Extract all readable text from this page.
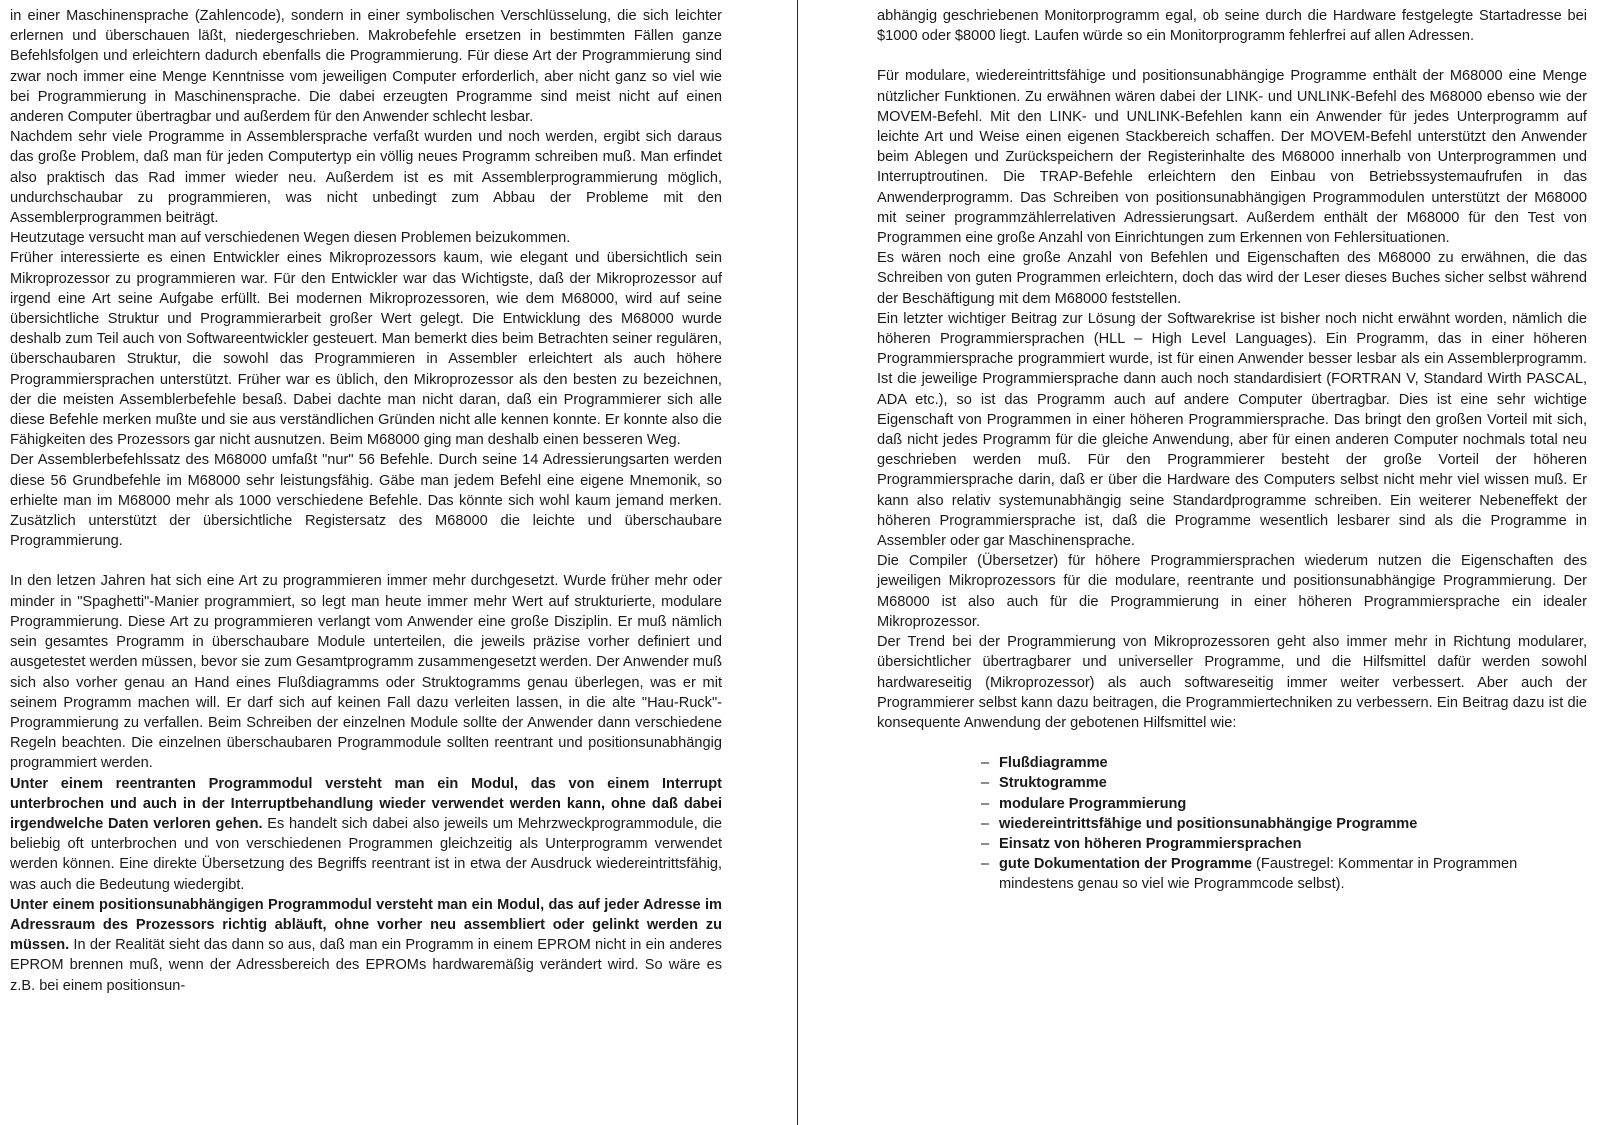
in einer Maschinensprache (Zahlencode), sondern in einer symbolischen Verschlüsselung, die sich leichter erlernen und überschauen läßt, niedergeschrieben. Makrobefehle ersetzen in bestimmten Fällen ganze Befehlsfolgen und erleichtern dadurch ebenfalls die Programmierung. Für diese Art der Programmierung sind zwar noch immer eine Menge Kenntnisse vom jeweiligen Computer erforderlich, aber nicht ganz so viel wie bei Programmierung in Maschinensprache. Die dabei erzeugten Programme sind meist nicht auf einen anderen Computer übertragbar und außerdem für den Anwender schlecht lesbar.

Nachdem sehr viele Programme in Assemblersprache verfaßt wurden und noch werden, ergibt sich daraus das große Problem, daß man für jeden Computertyp ein völlig neues Programm schreiben muß. Man erfindet also praktisch das Rad immer wieder neu. Außerdem ist es mit Assemblerprogrammierung möglich, undurchschaubar zu programmieren, was nicht unbedingt zum Abbau der Probleme mit den Assemblerprogrammen beiträgt.

Heutzutage versucht man auf verschiedenen Wegen diesen Problemen beizukommen.

Früher interessierte es einen Entwickler eines Mikroprozessors kaum, wie elegant und übersichtlich sein Mikroprozessor zu programmieren war. Für den Entwickler war das Wichtigste, daß der Mikroprozessor auf irgend eine Art seine Aufgabe erfüllt. Bei modernen Mikroprozessoren, wie dem M68000, wird auf seine übersichtliche Struktur und Programmierarbeit großer Wert gelegt. Die Entwicklung des M68000 wurde deshalb zum Teil auch von Softwareentwickler gesteuert. Man bemerkt dies beim Betrachten seiner regulären, überschaubaren Struktur, die sowohl das Programmieren in Assembler erleichtert als auch höhere Programmiersprachen unterstützt. Früher war es üblich, den Mikroprozessor als den besten zu bezeichnen, der die meisten Assemblerbefehle besaß. Dabei dachte man nicht daran, daß ein Programmierer sich alle diese Befehle merken mußte und sie aus verständlichen Gründen nicht alle kennen konnte. Er konnte also die Fähigkeiten des Prozessors gar nicht ausnutzen. Beim M68000 ging man deshalb einen besseren Weg.

Der Assemblerbefehlssatz des M68000 umfaßt "nur" 56 Befehle. Durch seine 14 Adressierungsarten werden diese 56 Grundbefehle im M68000 sehr leistungsfähig. Gäbe man jedem Befehl eine eigene Mnemonik, so erhielte man im M68000 mehr als 1000 verschiedene Befehle. Das könnte sich wohl kaum jemand merken. Zusätzlich unterstützt der übersichtliche Registersatz des M68000 die leichte und überschaubare Programmierung.

In den letzen Jahren hat sich eine Art zu programmieren immer mehr durchgesetzt. Wurde früher mehr oder minder in "Spaghetti"-Manier programmiert, so legt man heute immer mehr Wert auf strukturierte, modulare Programmierung. Diese Art zu programmieren verlangt vom Anwender eine große Disziplin. Er muß nämlich sein gesamtes Programm in überschaubare Module unterteilen, die jeweils präzise vorher definiert und ausgetestet werden müssen, bevor sie zum Gesamtprogramm zusammengesetzt werden. Der Anwender muß sich also vorher genau an Hand eines Flußdiagramms oder Struktogramms genau überlegen, was er mit seinem Programm machen will. Er darf sich auf keinen Fall dazu verleiten lassen, in die alte "Hau-Ruck"-Programmierung zu verfallen. Beim Schreiben der einzelnen Module sollte der Anwender dann verschiedene Regeln beachten. Die einzelnen überschaubaren Programmodule sollten reentrant und positionsunabhängig programmiert werden.

Unter einem reentranten Programmodul versteht man ein Modul, das von einem Interrupt unterbrochen und auch in der Interruptbehandlung wieder verwendet werden kann, ohne daß dabei irgendwelche Daten verloren gehen. Es handelt sich dabei also jeweils um Mehrzweckprogrammodule, die beliebig oft unterbrochen und von verschiedenen Programmen gleichzeitig als Unterprogramm verwendet werden können. Eine direkte Übersetzung des Begriffs reentrant ist in etwa der Ausdruck wiedereintrittsfähig, was auch die Bedeutung wiedergibt.

Unter einem positionsunabhängigen Programmodul versteht man ein Modul, das auf jeder Adresse im Adressraum des Prozessors richtig abläuft, ohne vorher neu assembliert oder gelinkt werden zu müssen. In der Realität sieht das dann so aus, daß man ein Programm in einem EPROM nicht in ein anderes EPROM brennen muß, wenn der Adressbereich des EPROMs hardwaremäßig verändert wird. So wäre es z.B. bei einem positionsun-

abhängig geschriebenen Monitorprogramm egal, ob seine durch die Hardware festgelegte Startadresse bei $1000 oder $8000 liegt. Laufen würde so ein Monitorprogramm fehlerfrei auf allen Adressen.

Für modulare, wiedereintrittsfähige und positionsunabhängige Programme enthält der M68000 eine Menge nützlicher Funktionen. Zu erwähnen wären dabei der LINK- und UNLINK-Befehl des M68000 ebenso wie der MOVEM-Befehl. Mit den LINK- und UNLINK-Befehlen kann ein Anwender für jedes Unterprogramm auf leichte Art und Weise einen eigenen Stackbereich schaffen. Der MOVEM-Befehl unterstützt den Anwender beim Ablegen und Zurückspeichern der Registerinhalte des M68000 innerhalb von Unterprogrammen und Interruptroutinen. Die TRAP-Befehle erleichtern den Einbau von Betriebssystemaufrufen in das Anwenderprogramm. Das Schreiben von positionsunabhängigen Programmodulen unterstützt der M68000 mit seiner programmzählerrelativen Adressierungsart. Außerdem enthält der M68000 für den Test von Programmen eine große Anzahl von Einrichtungen zum Erkennen von Fehlersituationen.

Es wären noch eine große Anzahl von Befehlen und Eigenschaften des M68000 zu erwähnen, die das Schreiben von guten Programmen erleichtern, doch das wird der Leser dieses Buches sicher selbst während der Beschäftigung mit dem M68000 feststellen.

Ein letzter wichtiger Beitrag zur Lösung der Softwarekrise ist bisher noch nicht erwähnt worden, nämlich die höheren Programmiersprachen (HLL – High Level Languages). Ein Programm, das in einer höheren Programmiersprache programmiert wurde, ist für einen Anwender besser lesbar als ein Assemblerprogramm. Ist die jeweilige Programmiersprache dann auch noch standardisiert (FORTRAN V, Standard Wirth PASCAL, ADA etc.), so ist das Programm auch auf andere Computer übertragbar. Dies ist eine sehr wichtige Eigenschaft von Programmen in einer höheren Programmiersprache. Das bringt den großen Vorteil mit sich, daß nicht jedes Programm für die gleiche Anwendung, aber für einen anderen Computer nochmals total neu geschrieben werden muß. Für den Programmierer besteht der große Vorteil der höheren Programmiersprache darin, daß er über die Hardware des Computers selbst nicht mehr viel wissen muß. Er kann also relativ systemunabhängig seine Standardprogramme schreiben. Ein weiterer Nebeneffekt der höheren Programmiersprache ist, daß die Programme wesentlich lesbarer sind als die Programme in Assembler oder gar Maschinensprache.

Die Compiler (Übersetzer) für höhere Programmiersprachen wiederum nutzen die Eigenschaften des jeweiligen Mikroprozessors für die modulare, reentrante und positionsunabhängige Programmierung. Der M68000 ist also auch für die Programmierung in einer höheren Programmiersprache ein idealer Mikroprozessor.

Der Trend bei der Programmierung von Mikroprozessoren geht also immer mehr in Richtung modularer, übersichtlicher übertragbarer und universeller Programme, und die Hilfsmittel dafür werden sowohl hardwareseitig (Mikroprozessor) als auch softwareseitig immer weiter verbessert. Aber auch der Programmierer selbst kann dazu beitragen, die Programmiertechniken zu verbessern. Ein Beitrag dazu ist die konsequente Anwendung der gebotenen Hilfsmittel wie:

– Flußdiagramme
– Struktogramme
– modulare Programmierung
– wiedereintrittsfähige und positionsunabhängige Programme
– Einsatz von höheren Programmiersprachen
– gute Dokumentation der Programme (Faustregel: Kommentar in Programmen mindestens genau so viel wie Programmcode selbst).
